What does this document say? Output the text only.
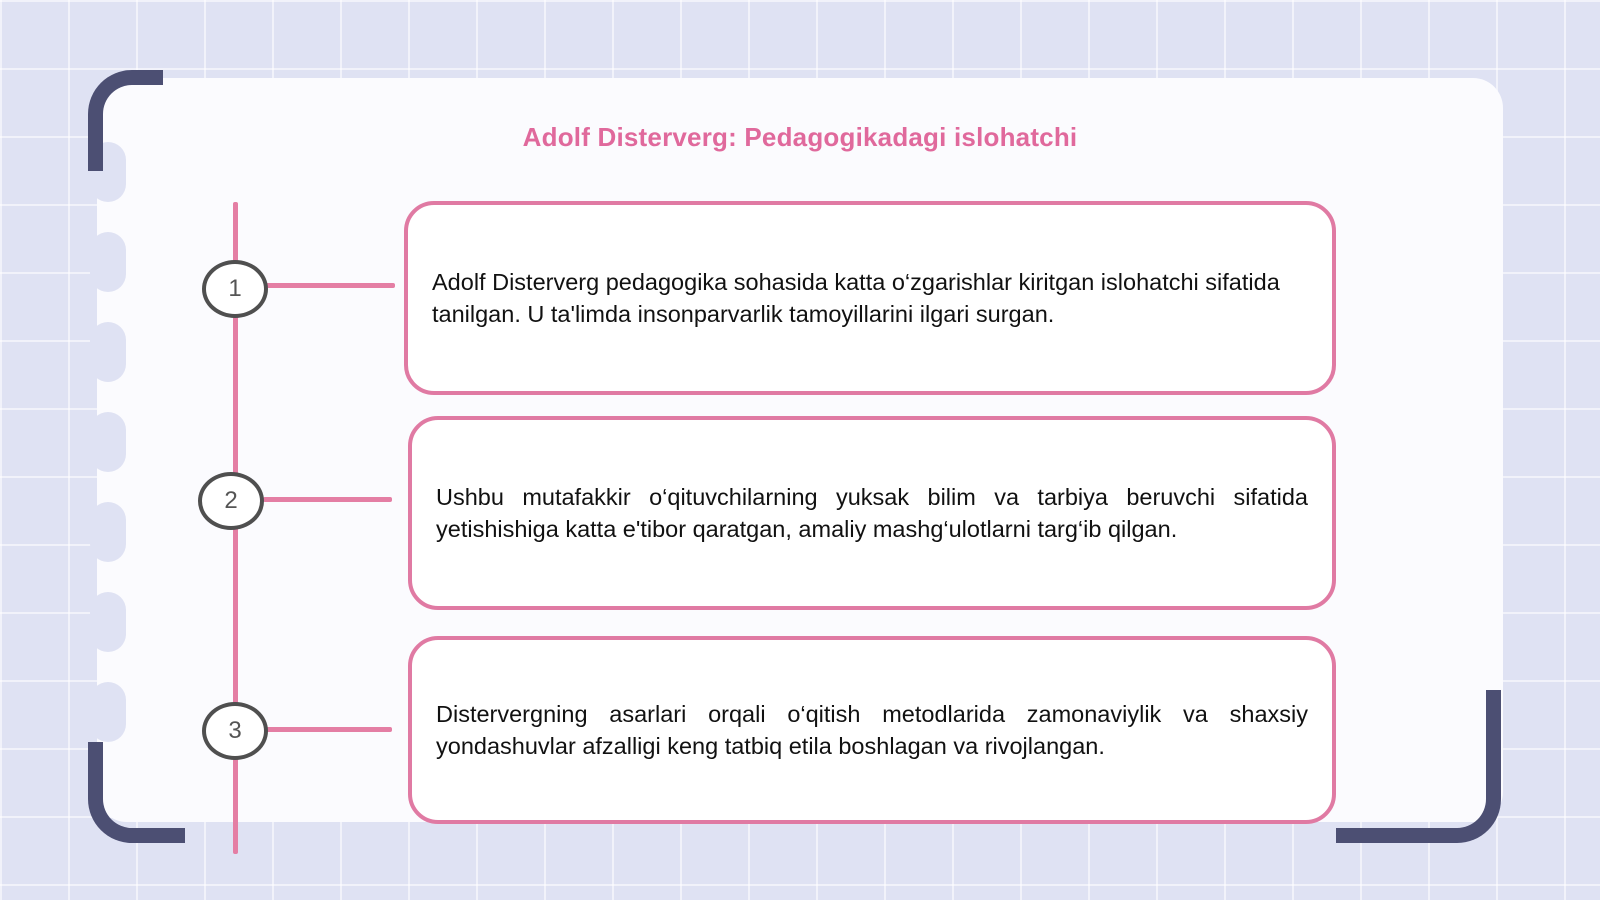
Adolf Disterverg: Pedagogikadagi islohatchi
1
2
3

Adolf Disterverg pedagogika sohasida katta o‘zgarishlar kiritgan islohatchi sifatida tanilgan. U ta'limda insonparvarlik tamoyillarini ilgari surgan.

Ushbu mutafakkir o‘qituvchilarning yuksak bilim va tarbiya beruvchi sifatida yetishishiga katta e'tibor qaratgan, amaliy mashg‘ulotlarni targ‘ib qilgan.

Distervergning asarlari orqali o‘qitish metodlarida zamonaviylik va shaxsiy yondashuvlar afzalligi keng tatbiq etila boshlagan va rivojlangan.
